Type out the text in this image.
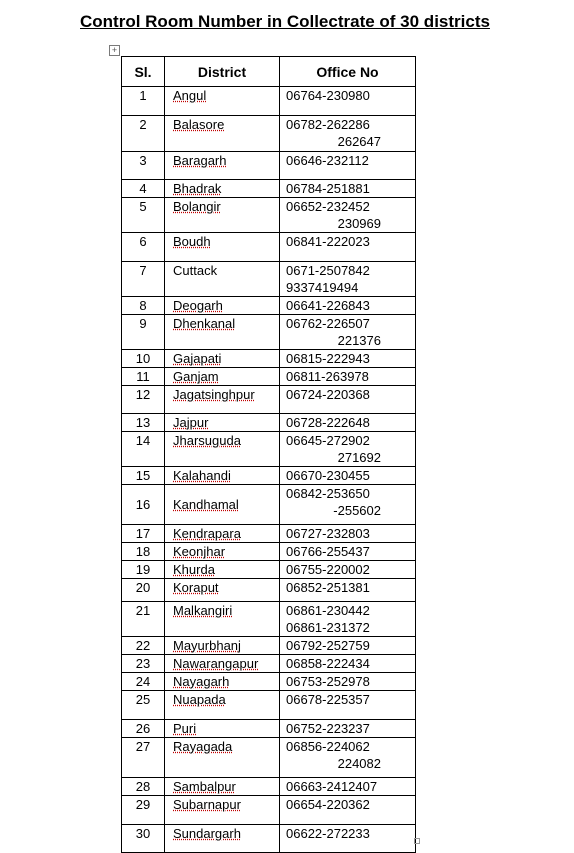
Control Room Number in Collectrate of 30 districts
+
Sl.	District	Office No
1	Angul	06764-230980

2	Balasore	06782-262286
262647

3	Baragarh	06646-232112

4	Bhadrak	06784-251881

5	Bolangir	06652-232452
230969

6	Boudh	06841-222023

7	Cuttack	0671-2507842
9337419494

8	Deogarh	06641-226843

9	Dhenkanal	06762-226507
221376

10	Gajapati	06815-222943

11	Ganjam	06811-263978

12	Jagatsinghpur	06724-220368

13	Jajpur	06728-222648

14	Jharsuguda	06645-272902
271692

15	Kalahandi	06670-230455

16	Kandhamal	06842-253650
-255602

17	Kendrapara	06727-232803

18	Keonjhar	06766-255437

19	Khurda	06755-220002

20	Koraput	06852-251381

21	Malkangiri	06861-230442
06861-231372

22	Mayurbhanj	06792-252759

23	Nawarangapur	06858-222434

24	Nayagarh	06753-252978

25	Nuapada	06678-225357

26	Puri	06752-223237

27	Rayagada	06856-224062
224082

28	Sambalpur	06663-2412407

29	Subarnapur	06654-220362

30	Sundargarh	06622-272233
